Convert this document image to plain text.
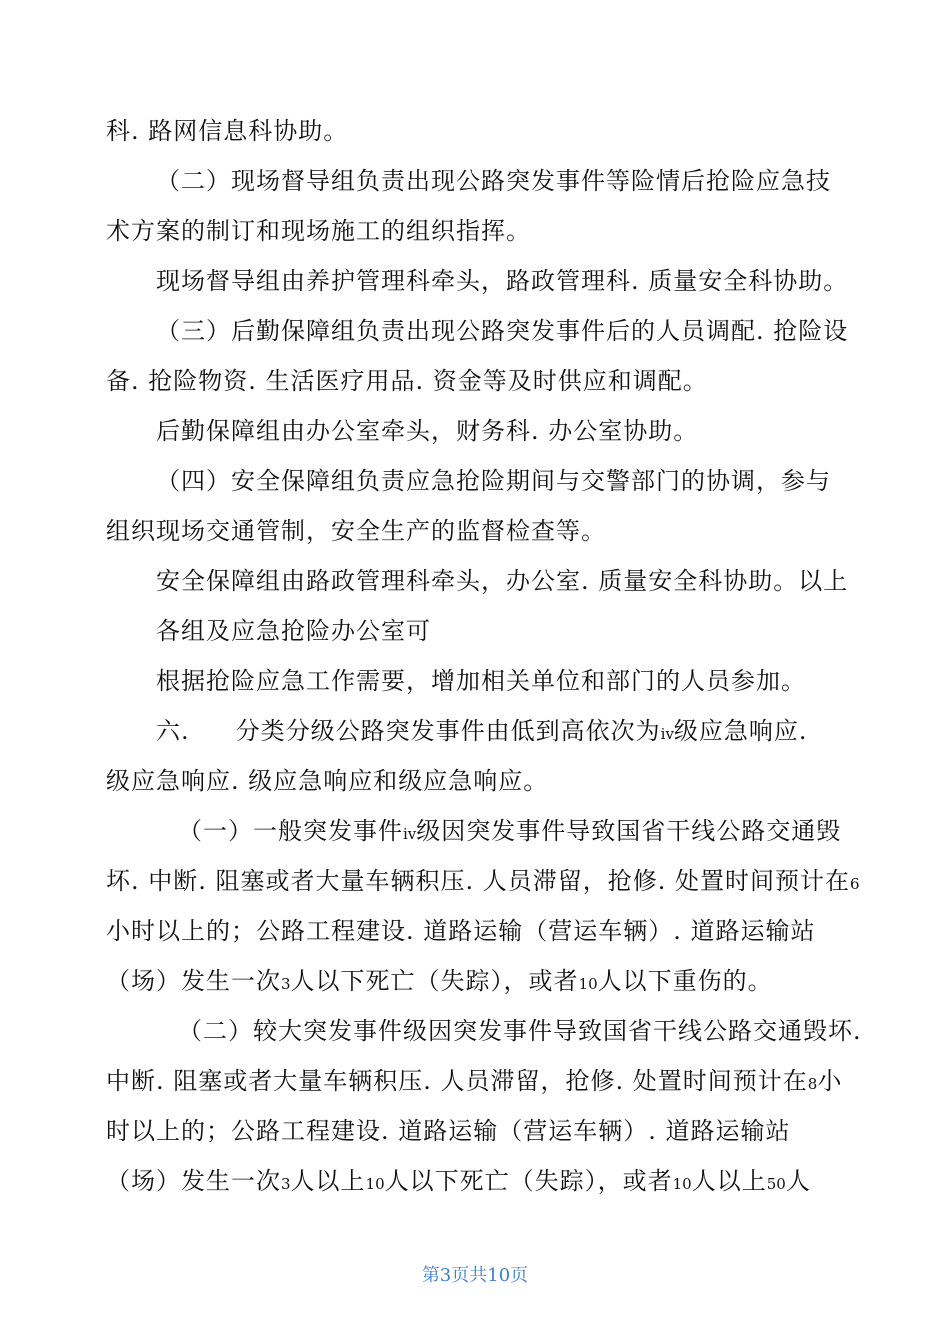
科. 路网信息科协助。
（二）现场督导组负责出现公路突发事件等险情后抢险应急技
术方案的制订和现场施工的组织指挥。
现场督导组由养护管理科牵头，路政管理科. 质量安全科协助。
（三）后勤保障组负责出现公路突发事件后的人员调配. 抢险设
备. 抢险物资. 生活医疗用品. 资金等及时供应和调配。
后勤保障组由办公室牵头，财务科. 办公室协助。
（四）安全保障组负责应急抢险期间与交警部门的协调，参与
组织现场交通管制，安全生产的监督检查等。
安全保障组由路政管理科牵头，办公室. 质量安全科协助。以上
各组及应急抢险办公室可
根据抢险应急工作需要，增加相关单位和部门的人员参加。
六. 分类分级公路突发事件由低到高依次为iv级应急响应.
级应急响应. 级应急响应和级应急响应。
（一）一般突发事件iv级因突发事件导致国省干线公路交通毁
坏. 中断. 阻塞或者大量车辆积压. 人员滞留，抢修. 处置时间预计在6
小时以上的；公路工程建设. 道路运输（营运车辆）. 道路运输站
（场）发生一次3人以下死亡（失踪），或者10人以下重伤的。
（二）较大突发事件级因突发事件导致国省干线公路交通毁坏.
中断. 阻塞或者大量车辆积压. 人员滞留，抢修. 处置时间预计在8小
时以上的；公路工程建设. 道路运输（营运车辆）. 道路运输站
（场）发生一次3人以上10人以下死亡（失踪），或者10人以上50人
第3页共10页
